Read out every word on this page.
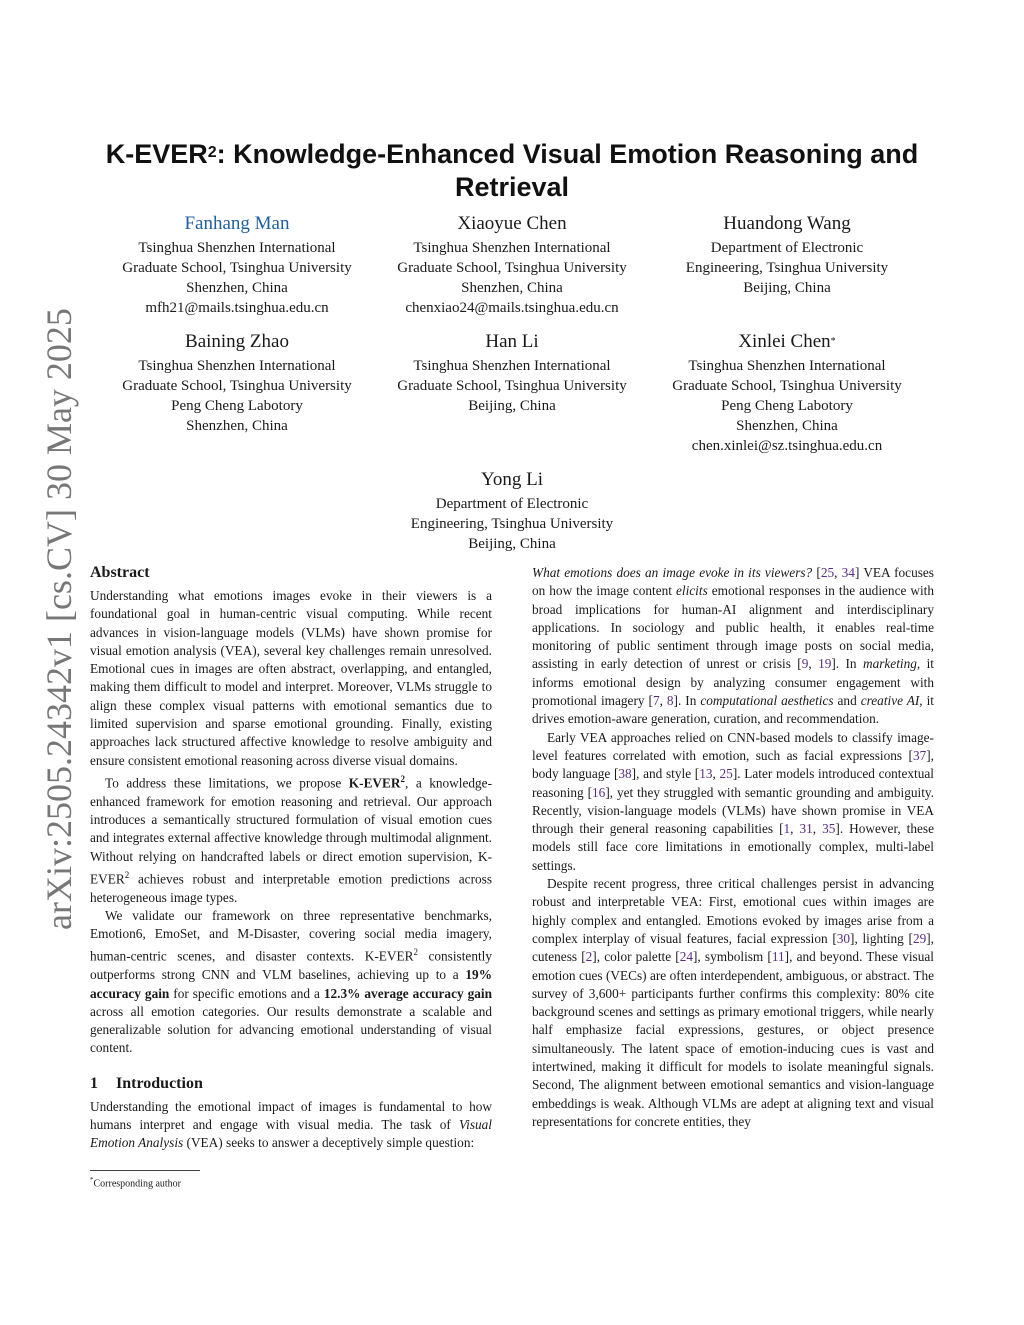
K-EVER$^2$: Knowledge-Enhanced Visual Emotion Reasoning and Retrieval
Fanhang Man
Tsinghua Shenzhen International
Graduate School, Tsinghua University
Shenzhen, China
mfh21@mails.tsinghua.edu.cn
Xiaoyue Chen
Tsinghua Shenzhen International
Graduate School, Tsinghua University
Shenzhen, China
chenxiao24@mails.tsinghua.edu.cn
Huandong Wang
Department of Electronic
Engineering, Tsinghua University
Beijing, China
Baining Zhao
Tsinghua Shenzhen International
Graduate School, Tsinghua University
Peng Cheng Labotory
Shenzhen, China
Han Li
Tsinghua Shenzhen International
Graduate School, Tsinghua University
Beijing, China
Xinlei Chen*
Tsinghua Shenzhen International
Graduate School, Tsinghua University
Peng Cheng Labotory
Shenzhen, China
chen.xinlei@sz.tsinghua.edu.cn
Yong Li
Department of Electronic
Engineering, Tsinghua University
Beijing, China
arXiv:2505.24342v1 [cs.CV] 30 May 2025 Abstract

Understanding what emotions images evoke in their viewers is a foundational goal in human-centric visual computing. While recent advances in vision-language models (VLMs) have shown promise for visual emotion analysis (VEA), several key challenges remain unresolved. Emotional cues in images are often abstract, overlapping, and entangled, making them difficult to model and interpret. Moreover, VLMs struggle to align these complex visual patterns with emotional semantics due to limited supervision and sparse emotional grounding. Finally, existing approaches lack structured affective knowledge to resolve ambiguity and ensure consistent emotional reasoning across diverse visual domains.

To address these limitations, we propose K-EVER$^2$, a knowledge-enhanced framework for emotion reasoning and retrieval. Our approach introduces a semantically structured formulation of visual emotion cues and integrates external affective knowledge through multimodal alignment. Without relying on handcrafted labels or direct emotion supervision, K-EVER$^2$ achieves robust and interpretable emotion predictions across heterogeneous image types.

We validate our framework on three representative benchmarks, Emotion6, EmoSet, and M-Disaster, covering social media imagery, human-centric scenes, and disaster contexts. K-EVER$^2$ consistently outperforms strong CNN and VLM baselines, achieving up to a 19% accuracy gain for specific emotions and a 12.3% average accuracy gain across all emotion categories. Our results demonstrate a scalable and generalizable solution for advancing emotional understanding of visual content.

1 Introduction

Understanding the emotional impact of images is fundamental to how humans interpret and engage with visual media. The task of Visual Emotion Analysis (VEA) seeks to answer a deceptively simple question:

What emotions does an image evoke in its viewers? [25, 34] VEA focuses on how the image content elicits emotional responses in the audience with broad implications for human-AI alignment and interdisciplinary applications. In sociology and public health, it enables real-time monitoring of public sentiment through image posts on social media, assisting in early detection of unrest or crisis [9, 19]. In marketing, it informs emotional design by analyzing consumer engagement with promotional imagery [7, 8]. In computational aesthetics and creative AI, it drives emotion-aware generation, curation, and recommendation.

Early VEA approaches relied on CNN-based models to classify image-level features correlated with emotion, such as facial expressions [37], body language [38], and style [13, 25]. Later models introduced contextual reasoning [16], yet they struggled with semantic grounding and ambiguity. Recently, vision-language models (VLMs) have shown promise in VEA through their general reasoning capabilities [1, 31, 35]. However, these models still face core limitations in emotionally complex, multi-label settings.

Despite recent progress, three critical challenges persist in advancing robust and interpretable VEA: First, emotional cues within images are highly complex and entangled. Emotions evoked by images arise from a complex interplay of visual features, facial expression [30], lighting [29], cuteness [2], color palette [24], symbolism [11], and beyond. These visual emotion cues (VECs) are often interdependent, ambiguous, or abstract. The survey of 3,600+ participants further confirms this complexity: 80% cite background scenes and settings as primary emotional triggers, while nearly half emphasize facial expressions, gestures, or object presence simultaneously. The latent space of emotion-inducing cues is vast and intertwined, making it difficult for models to isolate meaningful signals. Second, The alignment between emotional semantics and vision-language embeddings is weak. Although VLMs are adept at aligning text and visual representations for concrete entities, they

*Corresponding author
